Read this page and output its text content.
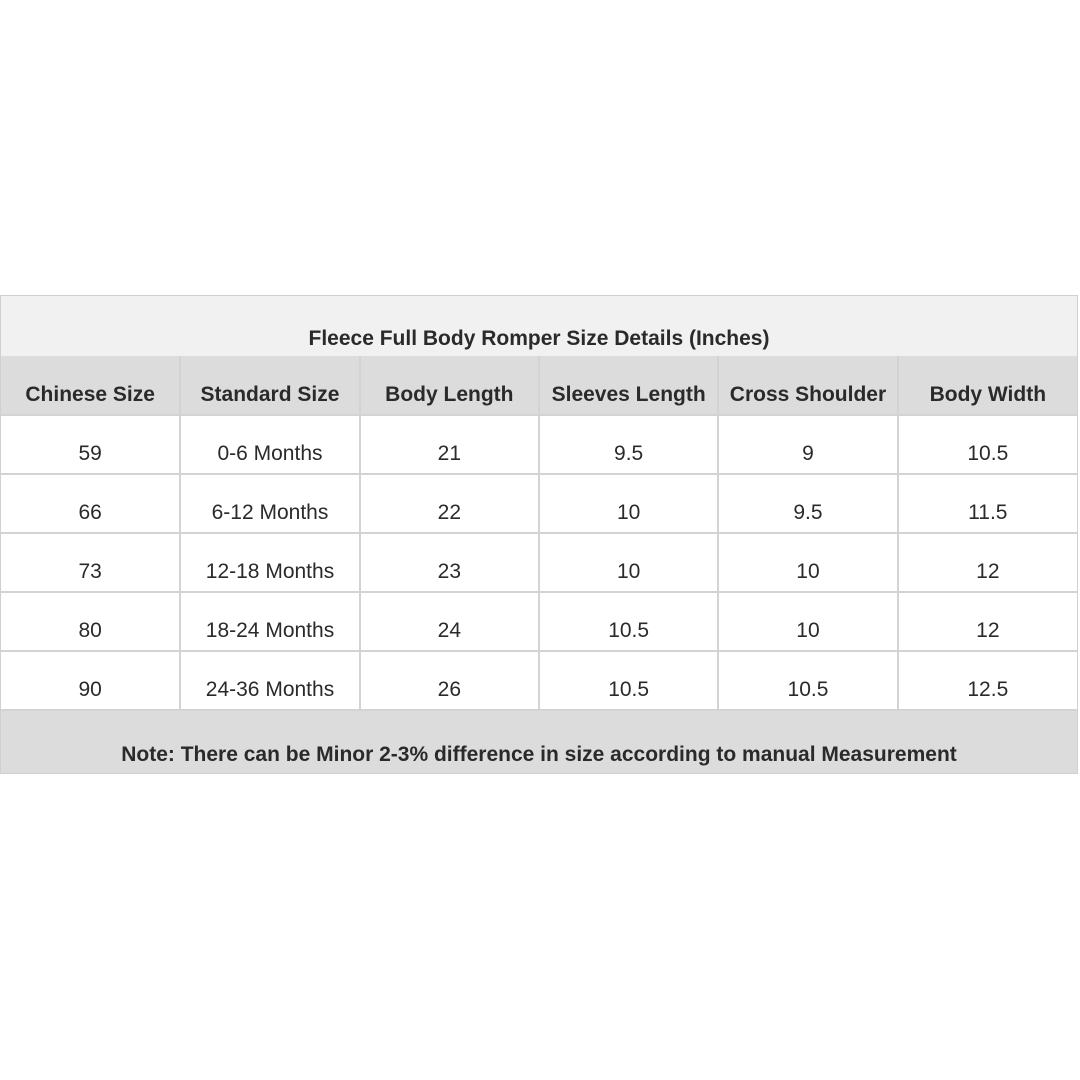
Fleece Full Body Romper Size Details (Inches)
Chinese Size	Standard Size	Body Length	Sleeves Length	Cross Shoulder	Body Width
59	0-6 Months	21	9.5	9	10.5
66	6-12 Months	22	10	9.5	11.5
73	12-18 Months	23	10	10	12
80	18-24 Months	24	10.5	10	12
90	24-36 Months	26	10.5	10.5	12.5
Note: There can be Minor 2-3% difference in size according to manual Measurement
